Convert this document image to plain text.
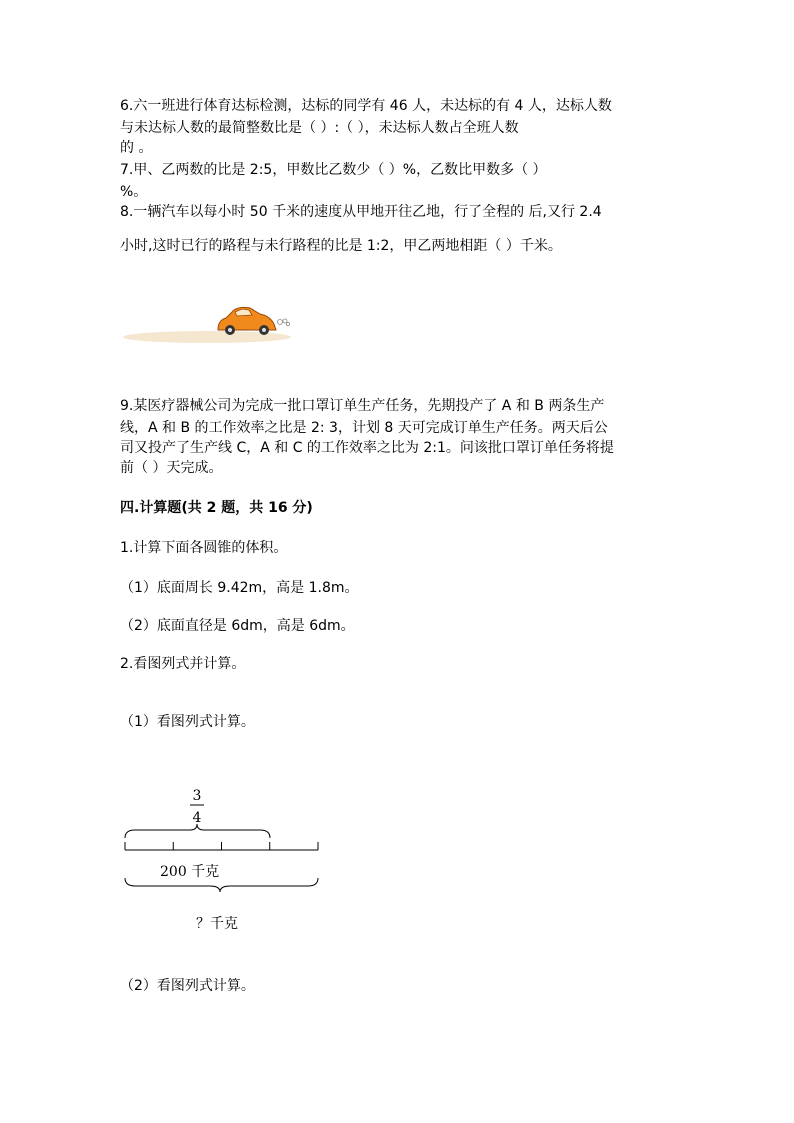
6.六一班进行体育达标检测，达标的同学有 46 人，未达标的有 4 人，达标人数
与未达标人数的最简整数比是（ ）:（ ），未达标人数占全班人数
的 。
7.甲、乙两数的比是 2:5，甲数比乙数少（ ）%，乙数比甲数多（ ）
%。
8.一辆汽车以每小时 50 千米的速度从甲地开往乙地，行了全程的 后,又行 2.4
小时,这时已行的路程与未行路程的比是 1:2，甲乙两地相距（ ）千米。
9.某医疗器械公司为完成一批口罩订单生产任务，先期投产了 A 和 B 两条生产
线，A 和 B 的工作效率之比是 2: 3，计划 8 天可完成订单生产任务。两天后公
司又投产了生产线 C，A 和 C 的工作效率之比为 2:1。问该批口罩订单任务将提
前（ ）天完成。
四.计算题(共 2 题，共 16 分)
1.计算下面各圆锥的体积。
（1）底面周长 9.42m，高是 1.8m。
（2）底面直径是 6dm，高是 6dm。
2.看图列式并计算。
（1）看图列式计算。
3
4
200 千克
？千克
（2）看图列式计算。
